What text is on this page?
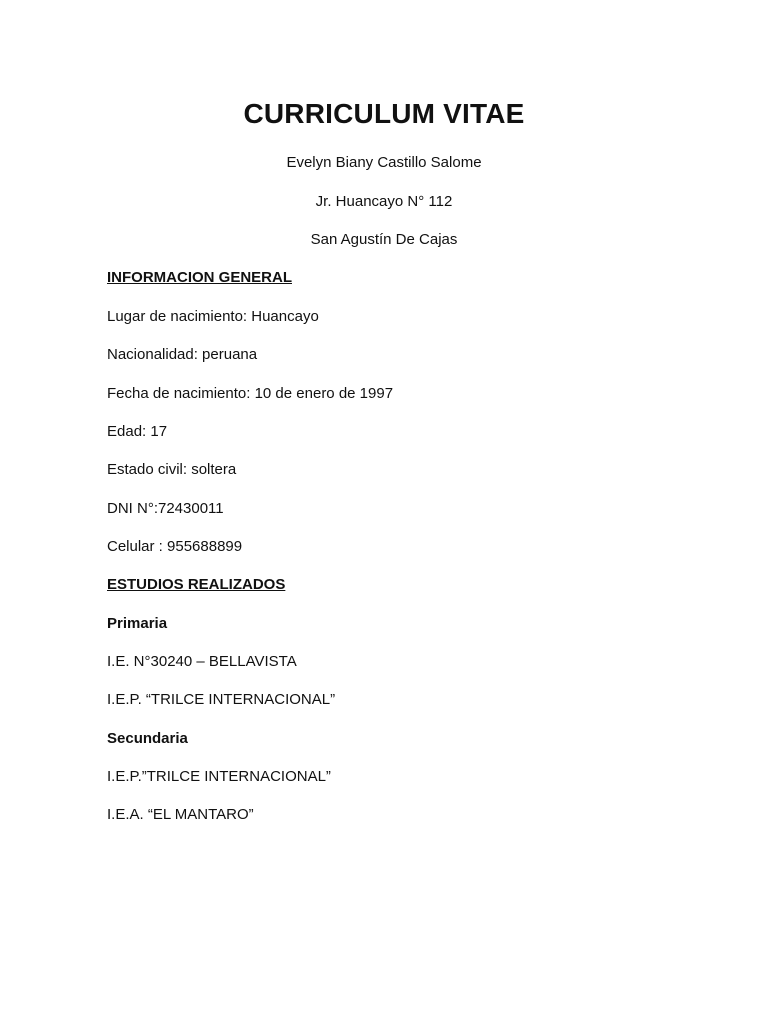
CURRICULUM VITAE
Evelyn Biany Castillo Salome
Jr. Huancayo N° 112
San Agustín De Cajas
INFORMACION GENERAL
Lugar de nacimiento: Huancayo
Nacionalidad: peruana
Fecha de nacimiento: 10 de enero de 1997
Edad: 17
Estado civil: soltera
DNI N°:72430011
Celular : 955688899
ESTUDIOS REALIZADOS
Primaria
I.E. N°30240 – BELLAVISTA
I.E.P. “TRILCE INTERNACIONAL”
Secundaria
I.E.P.”TRILCE INTERNACIONAL”
I.E.A. “EL MANTARO”
